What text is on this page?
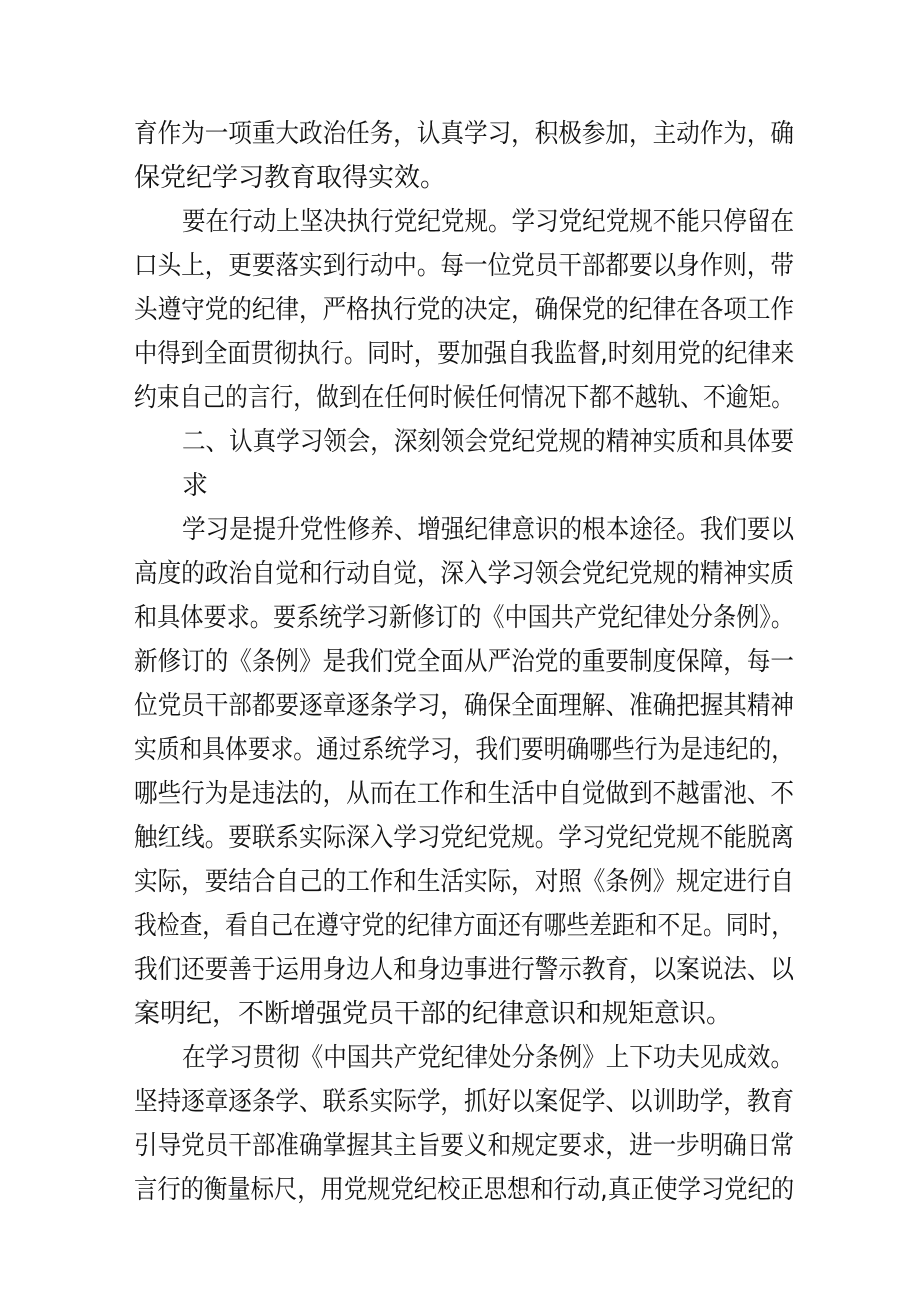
育作为一项重大政治任务，认真学习，积极参加，主动作为，确
保党纪学习教育取得实效。
要在行动上坚决执行党纪党规。学习党纪党规不能只停留在
口头上，更要落实到行动中。每一位党员干部都要以身作则，带
头遵守党的纪律，严格执行党的决定，确保党的纪律在各项工作
中得到全面贯彻执行。同时，要加强自我监督,时刻用党的纪律来
约束自己的言行，做到在任何时候任何情况下都不越轨、不逾矩。
二、认真学习领会，深刻领会党纪党规的精神实质和具体要
求
学习是提升党性修养、增强纪律意识的根本途径。我们要以
高度的政治自觉和行动自觉，深入学习领会党纪党规的精神实质
和具体要求。要系统学习新修订的《中国共产党纪律处分条例》。
新修订的《条例》是我们党全面从严治党的重要制度保障，每一
位党员干部都要逐章逐条学习，确保全面理解、准确把握其精神
实质和具体要求。通过系统学习，我们要明确哪些行为是违纪的，
哪些行为是违法的，从而在工作和生活中自觉做到不越雷池、不
触红线。要联系实际深入学习党纪党规。学习党纪党规不能脱离
实际，要结合自己的工作和生活实际，对照《条例》规定进行自
我检查，看自己在遵守党的纪律方面还有哪些差距和不足。同时，
我们还要善于运用身边人和身边事进行警示教育，以案说法、以
案明纪，不断增强党员干部的纪律意识和规矩意识。
在学习贯彻《中国共产党纪律处分条例》上下功夫见成效。
坚持逐章逐条学、联系实际学，抓好以案促学、以训助学，教育
引导党员干部准确掌握其主旨要义和规定要求，进一步明确日常
言行的衡量标尺，用党规党纪校正思想和行动,真正使学习党纪的
